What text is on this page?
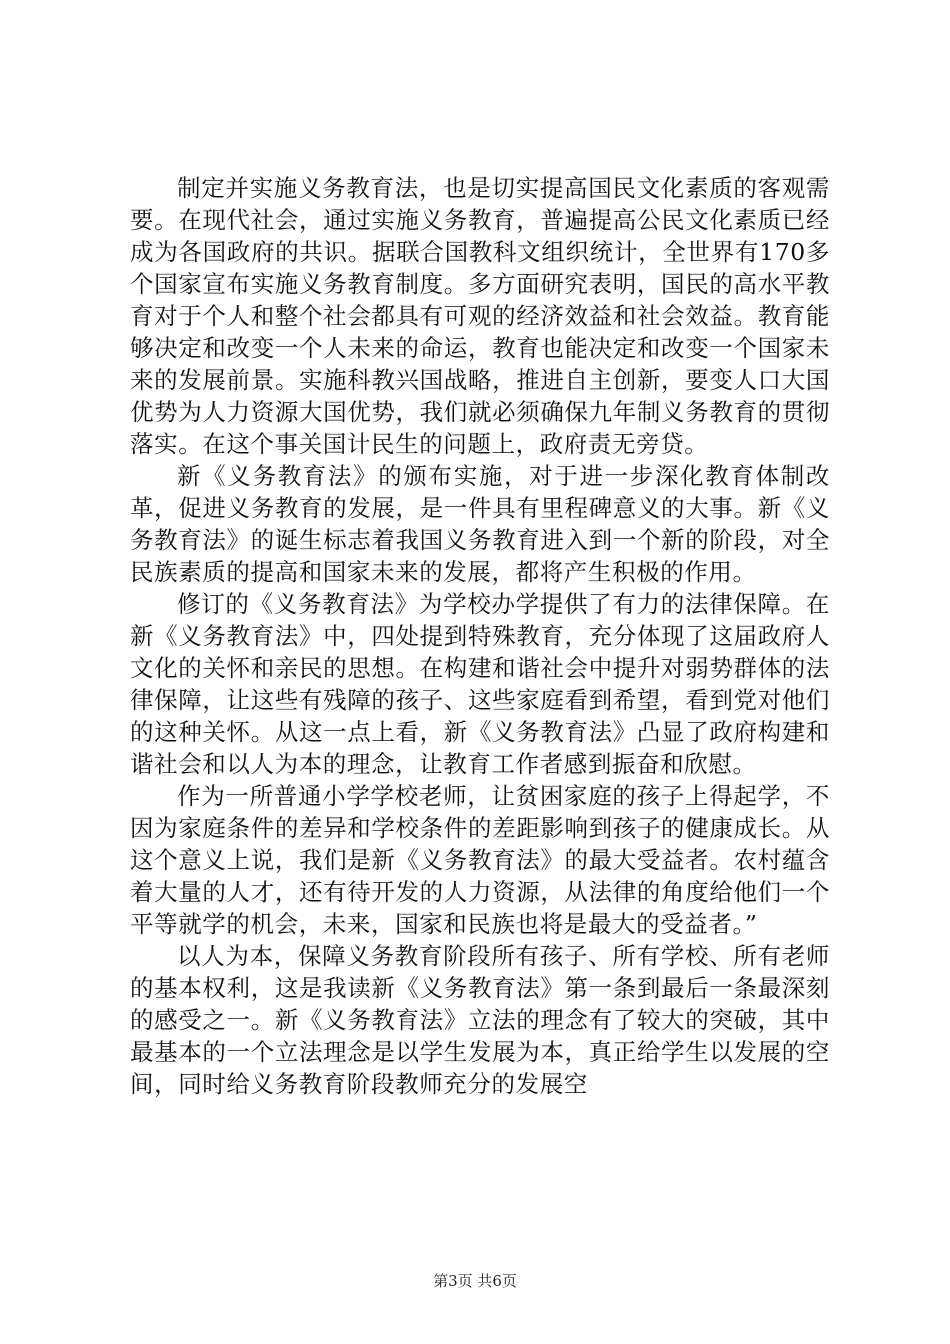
制定并实施义务教育法，也是切实提高国民文化素质的客观需要。在现代社会，通过实施义务教育，普遍提高公民文化素质已经成为各国政府的共识。据联合国教科文组织统计，全世界有170多个国家宣布实施义务教育制度。多方面研究表明，国民的高水平教育对于个人和整个社会都具有可观的经济效益和社会效益。教育能够决定和改变一个人未来的命运，教育也能决定和改变一个国家未来的发展前景。实施科教兴国战略，推进自主创新，要变人口大国优势为人力资源大国优势，我们就必须确保九年制义务教育的贯彻落实。在这个事关国计民生的问题上，政府责无旁贷。

新《义务教育法》的颁布实施，对于进一步深化教育体制改革，促进义务教育的发展，是一件具有里程碑意义的大事。新《义务教育法》的诞生标志着我国义务教育进入到一个新的阶段，对全民族素质的提高和国家未来的发展，都将产生积极的作用。

修订的《义务教育法》为学校办学提供了有力的法律保障。在新《义务教育法》中，四处提到特殊教育，充分体现了这届政府人文化的关怀和亲民的思想。在构建和谐社会中提升对弱势群体的法律保障，让这些有残障的孩子、这些家庭看到希望，看到党对他们的这种关怀。从这一点上看，新《义务教育法》凸显了政府构建和谐社会和以人为本的理念，让教育工作者感到振奋和欣慰。

作为一所普通小学学校老师，让贫困家庭的孩子上得起学，不因为家庭条件的差异和学校条件的差距影响到孩子的健康成长。从这个意义上说，我们是新《义务教育法》的最大受益者。农村蕴含着大量的人才，还有待开发的人力资源，从法律的角度给他们一个平等就学的机会，未来，国家和民族也将是最大的受益者。”

以人为本，保障义务教育阶段所有孩子、所有学校、所有老师的基本权利，这是我读新《义务教育法》第一条到最后一条最深刻的感受之一。新《义务教育法》立法的理念有了较大的突破，其中最基本的一个立法理念是以学生发展为本，真正给学生以发展的空间，同时给义务教育阶段教师充分的发展空

第3页 共6页
